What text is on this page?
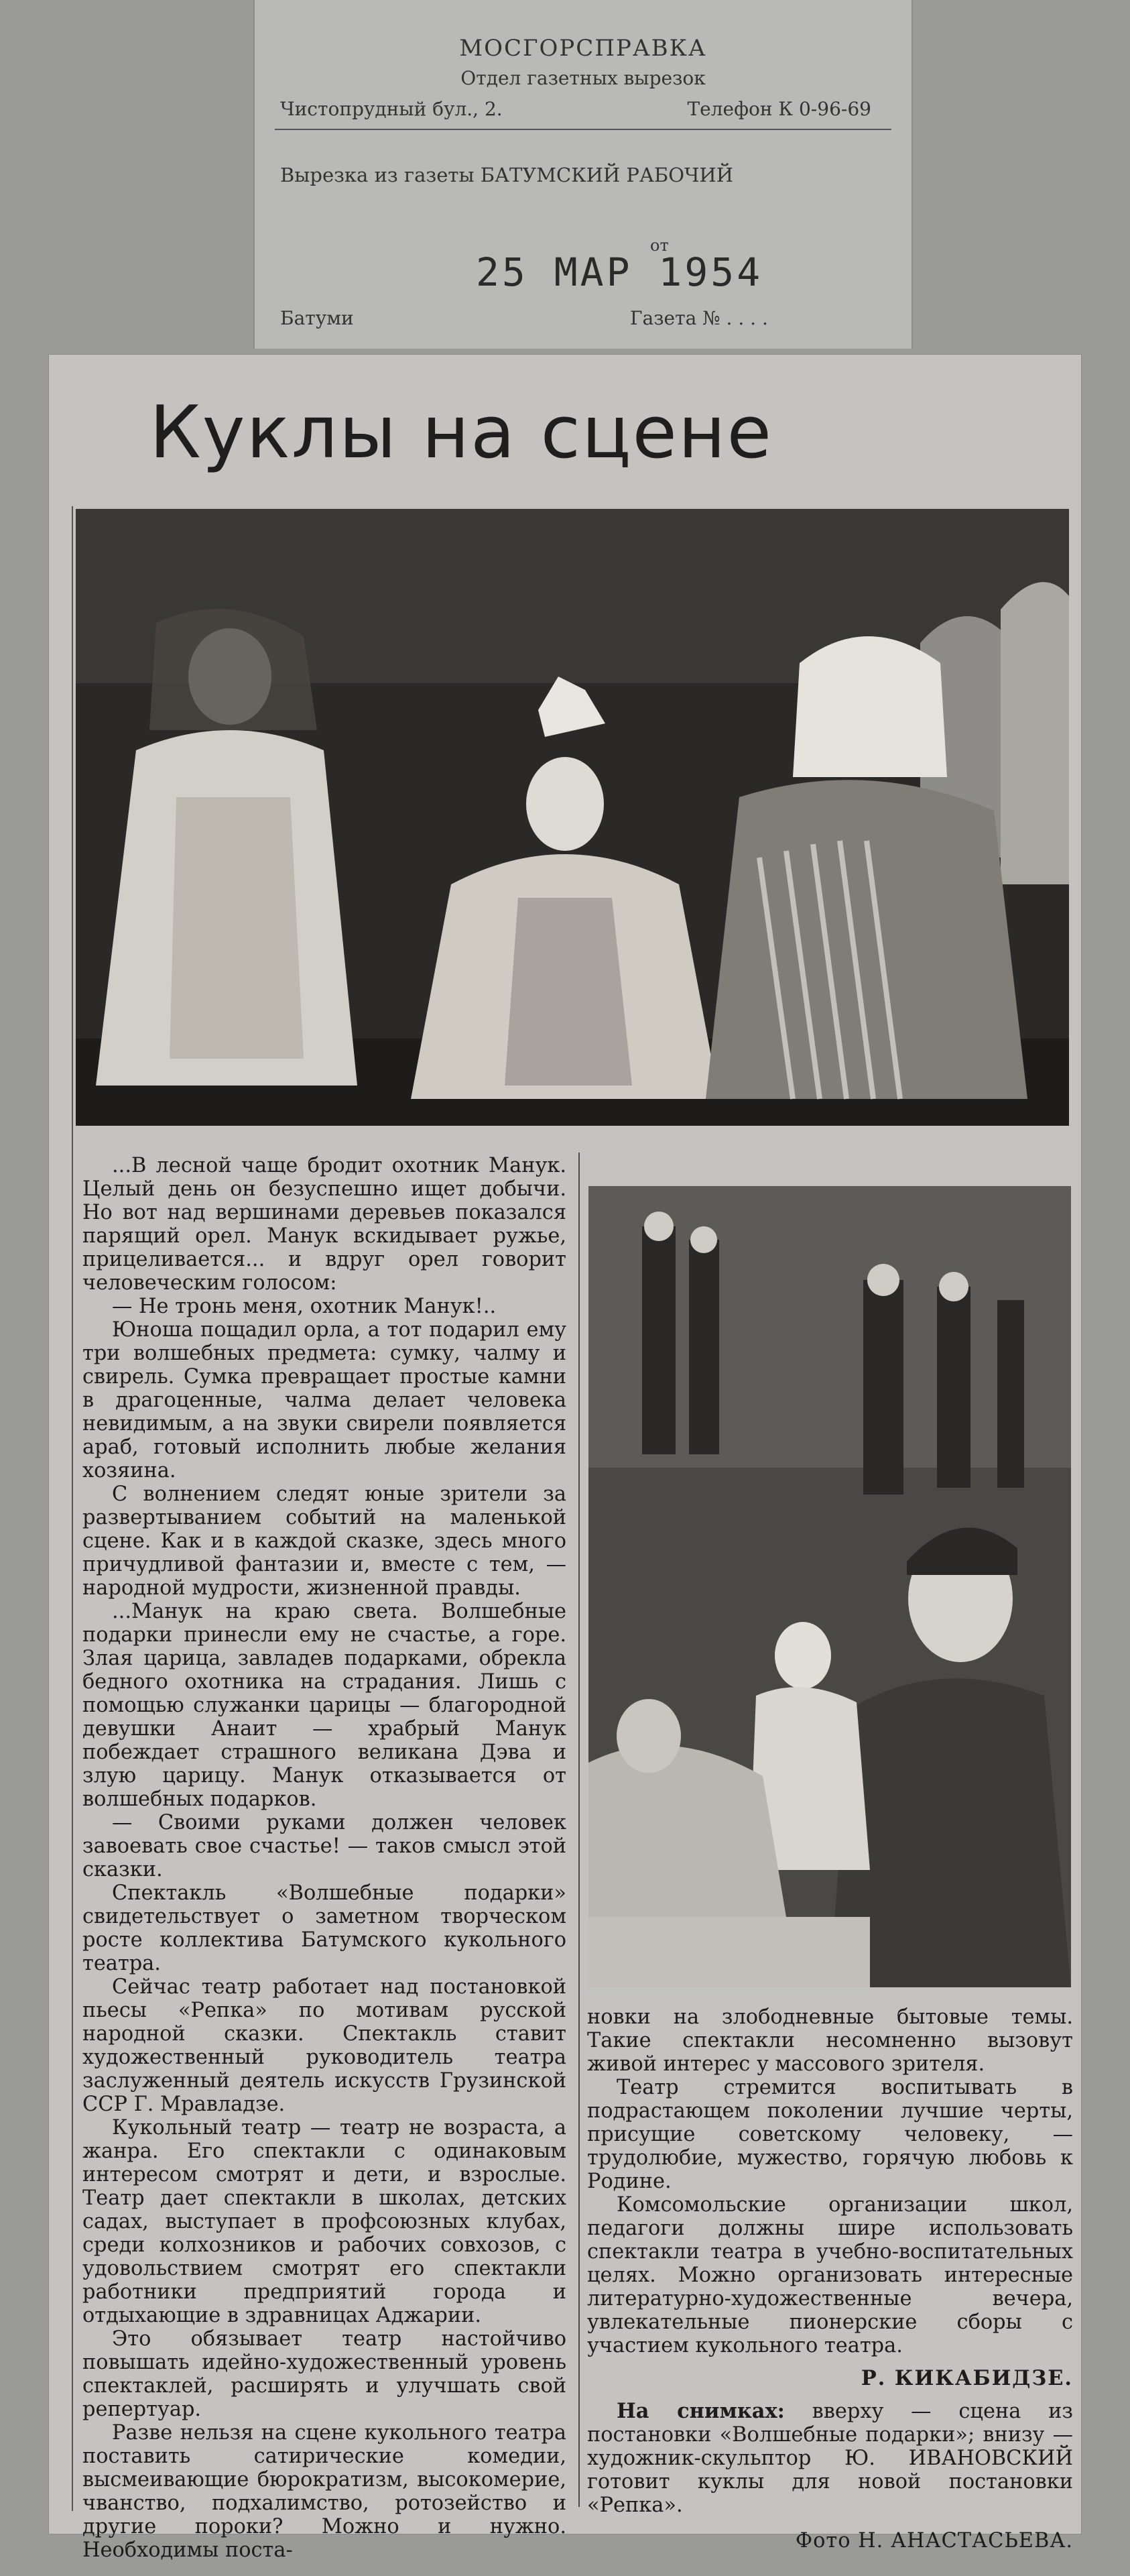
МОСГОРСПРАВКА
Отдел газетных вырезок
Чистопрудный бул., 2.	Телефон К 0-96-69
Вырезка из газеты БАТУМСКИЙ РАБОЧИЙ
от
25 МАР 1954
Батуми	Газета № . . . .
Куклы на сцене

...В лесной чаще бродит охотник Манук. Целый день он безуспешно ищет добычи. Но вот над вершинами деревьев показался парящий орел. Манук вскидывает ружье, прицеливается... и вдруг орел говорит человеческим голосом:

— Не тронь меня, охотник Манук!..

Юноша пощадил орла, а тот подарил ему три волшебных предмета: сумку, чалму и свирель. Сумка превращает простые камни в драгоценные, чалма делает человека невидимым, а на звуки свирели появляется араб, готовый исполнить любые желания хозяина.

С волнением следят юные зрители за развертыванием событий на маленькой сцене. Как и в каждой сказке, здесь много причудливой фантазии и, вместе с тем, — народной мудрости, жизненной правды.

...Манук на краю света. Волшебные подарки принесли ему не счастье, а горе. Злая царица, завладев подарками, обрекла бедного охотника на страдания. Лишь с помощью служанки царицы — благородной девушки Анаит — храбрый Манук побеждает страшного великана Дэва и злую царицу. Манук отказывается от волшебных подарков.

— Своими руками должен человек завоевать свое счастье! — таков смысл этой сказки.

Спектакль «Волшебные подарки» свидетельствует о заметном творческом росте коллектива Батумского кукольного театра.

Сейчас театр работает над постановкой пьесы «Репка» по мотивам русской народной сказки. Спектакль ставит художественный руководитель театра заслуженный деятель искусств Грузинской ССР Г. Мравладзе.

Кукольный театр — театр не возраста, а жанра. Его спектакли с одинаковым интересом смотрят и дети, и взрослые. Театр дает спектакли в школах, детских садах, выступает в профсоюзных клубах, среди колхозников и рабочих совхозов, с удовольствием смотрят его спектакли работники предприятий города и отдыхающие в здравницах Аджарии.

Это обязывает театр настойчиво повышать идейно-художественный уровень спектаклей, расширять и улучшать свой репертуар.

Разве нельзя на сцене кукольного театра поставить сатирические комедии, высмеивающие бюрократизм, высокомерие, чванство, подхалимство, ротозейство и другие пороки? Можно и нужно. Необходимы поста-

новки на злободневные бытовые темы. Такие спектакли несомненно вызовут живой интерес у массового зрителя.

Театр стремится воспитывать в подрастающем поколении лучшие черты, присущие советскому человеку, — трудолюбие, мужество, горячую любовь к Родине.

Комсомольские организации школ, педагоги должны шире использовать спектакли театра в учебно-воспитательных целях. Можно организовать интересные литературно-художественные вечера, увлекательные пионерские сборы с участием кукольного театра.

Р. КИКАБИДЗЕ.

На снимках: вверху — сцена из постановки «Волшебные подарки»; внизу — художник-скульптор Ю. ИВАНОВСКИЙ готовит куклы для новой постановки «Репка».

Фото Н. АНАСТАСЬЕВА.
